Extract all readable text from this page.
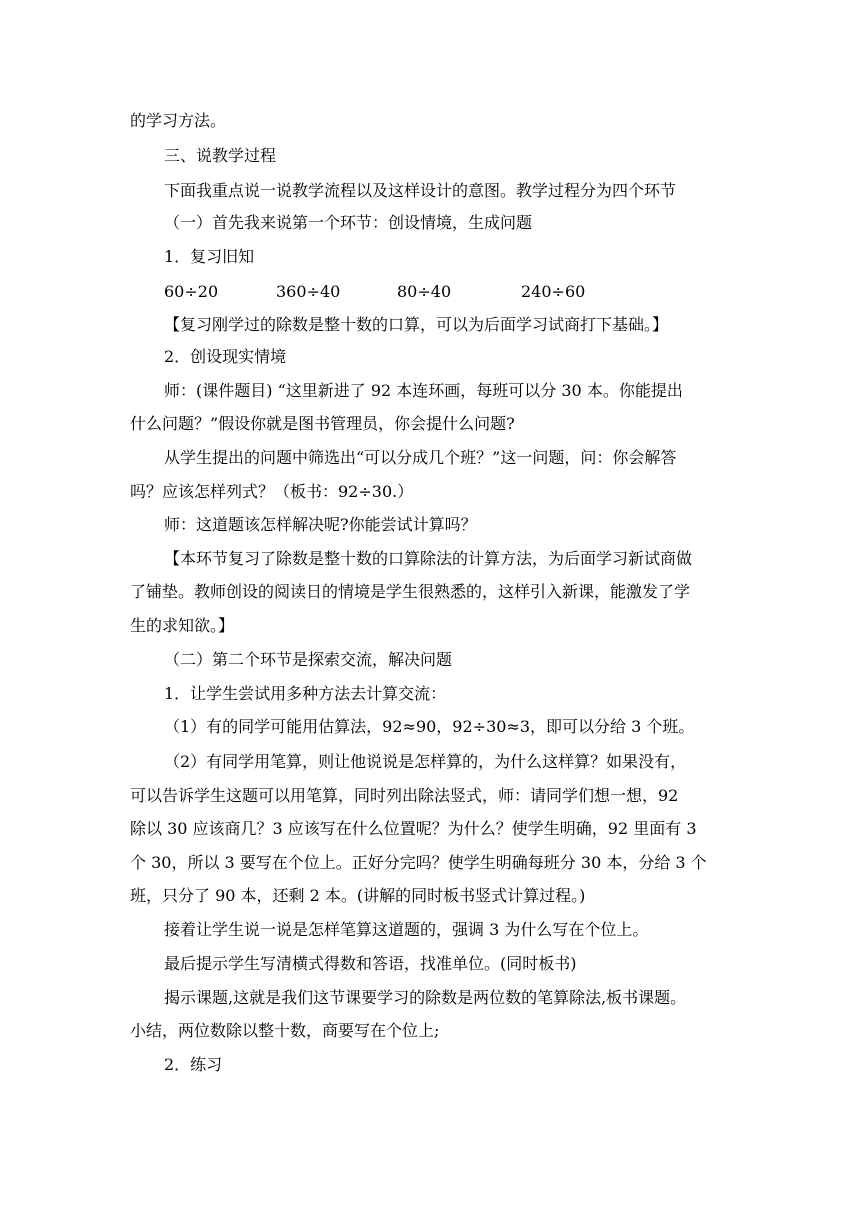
的学习方法。
三、说教学过程
下面我重点说一说教学流程以及这样设计的意图。教学过程分为四个环节
（一）首先我来说第一个环节：创设情境，生成问题
1．复习旧知
60÷20	360÷40	80÷40	240÷60
【复习刚学过的除数是整十数的口算，可以为后面学习试商打下基础。】
2．创设现实情境
师：(课件题目) “这里新进了 92 本连环画，每班可以分 30 本。你能提出
什么问题？”假设你就是图书管理员，你会提什么问题?
从学生提出的问题中筛选出“可以分成几个班？”这一问题，问：你会解答
吗？应该怎样列式？（板书：92÷30.）
师：这道题该怎样解决呢?你能尝试计算吗？
【本环节复习了除数是整十数的口算除法的计算方法，为后面学习新试商做
了铺垫。教师创设的阅读日的情境是学生很熟悉的，这样引入新课，能激发了学
生的求知欲。】
（二）第二个环节是探索交流，解决问题
1．让学生尝试用多种方法去计算交流：
（1）有的同学可能用估算法，92≈90，92÷30≈3，即可以分给 3 个班。
（2）有同学用笔算，则让他说说是怎样算的，为什么这样算？如果没有，
可以告诉学生这题可以用笔算，同时列出除法竖式，师：请同学们想一想，92
除以 30 应该商几？3 应该写在什么位置呢？为什么？使学生明确，92 里面有 3
个 30，所以 3 要写在个位上。正好分完吗？使学生明确每班分 30 本，分给 3 个
班，只分了 90 本，还剩 2 本。(讲解的同时板书竖式计算过程。)
接着让学生说一说是怎样笔算这道题的，强调 3 为什么写在个位上。
最后提示学生写清横式得数和答语，找准单位。(同时板书)
揭示课题,这就是我们这节课要学习的除数是两位数的笔算除法,板书课题。
小结，两位数除以整十数，商要写在个位上;
2．练习
